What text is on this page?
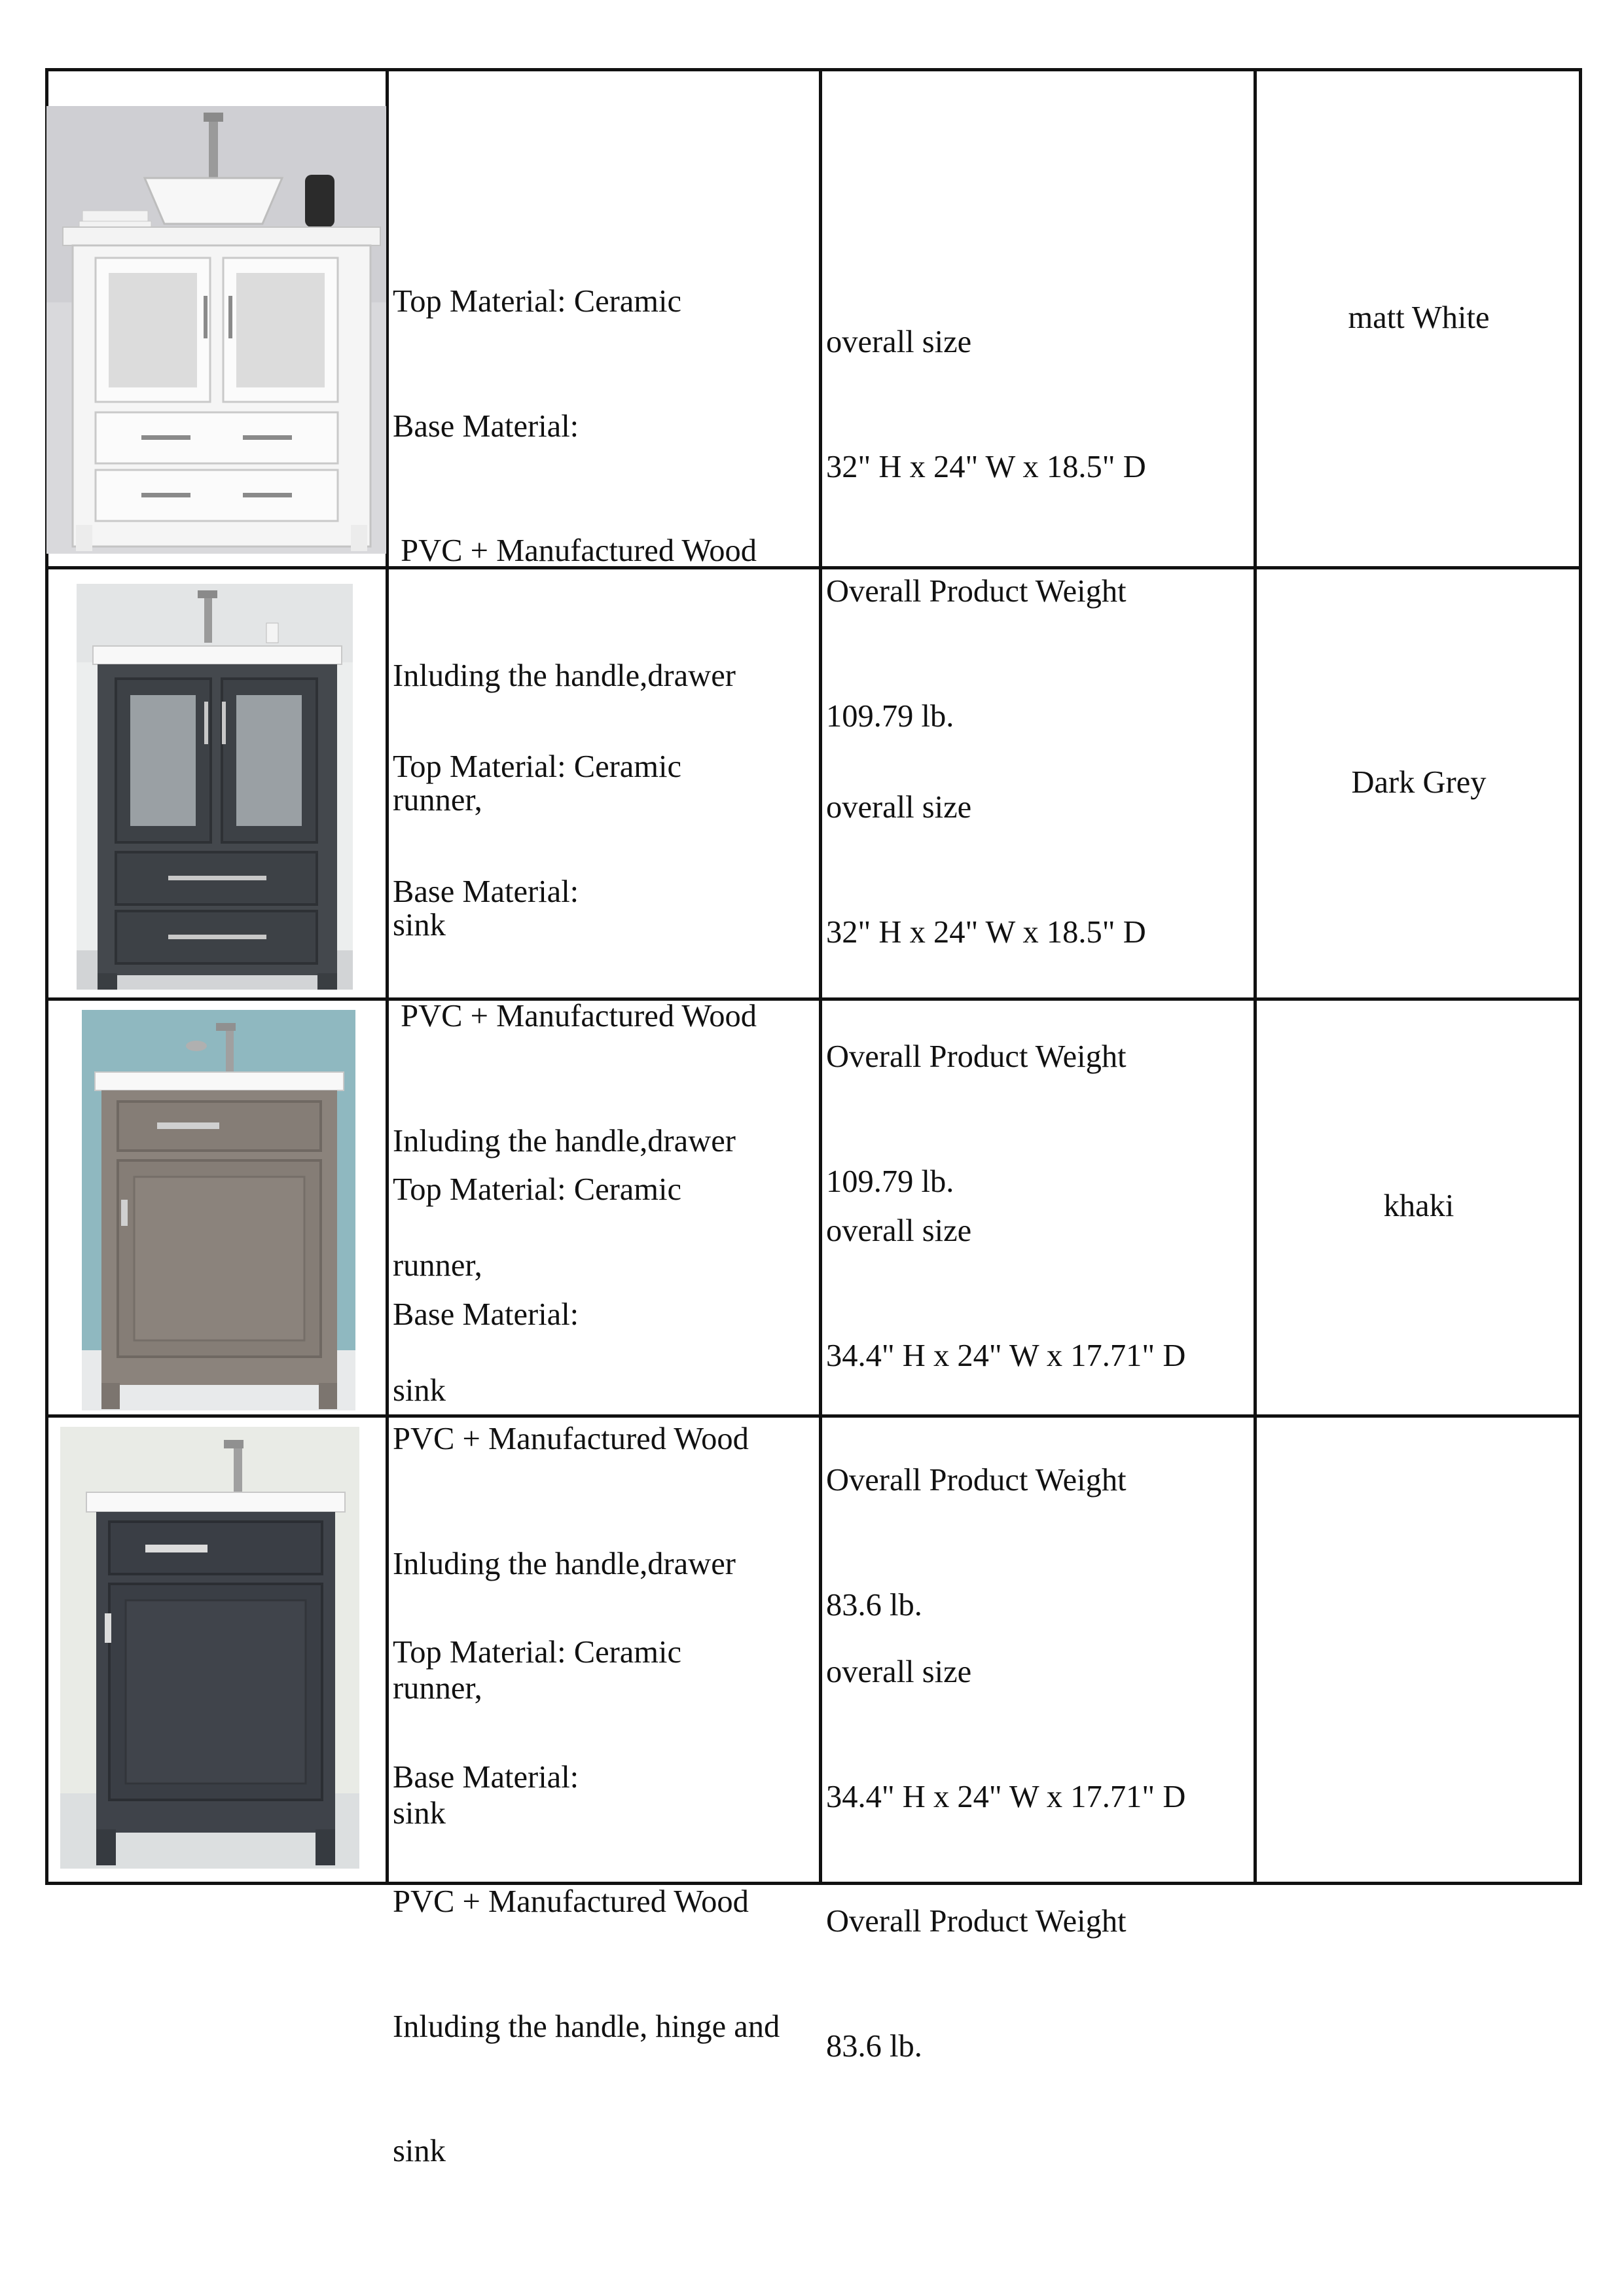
Top Material: Ceramic

Base Material:

PVC + Manufactured Wood

Inluding the handle,drawer

runner,

sink

overall size

32" H x 24" W x 18.5" D

Overall Product Weight

109.79 lb.

matt White

Top Material: Ceramic

Base Material:

PVC + Manufactured Wood

Inluding the handle,drawer

runner,

sink

overall size

32" H x 24" W x 18.5" D

Overall Product Weight

109.79 lb.

Dark Grey

Top Material: Ceramic

Base Material:

PVC + Manufactured Wood

Inluding the handle,drawer

runner,

sink

overall size

34.4" H x 24" W x 17.71" D

Overall Product Weight

83.6 lb.

khaki

Top Material: Ceramic

Base Material:

PVC + Manufactured Wood

Inluding the handle, hinge and

sink

overall size

34.4" H x 24" W x 17.71" D

Overall Product Weight

83.6 lb.
